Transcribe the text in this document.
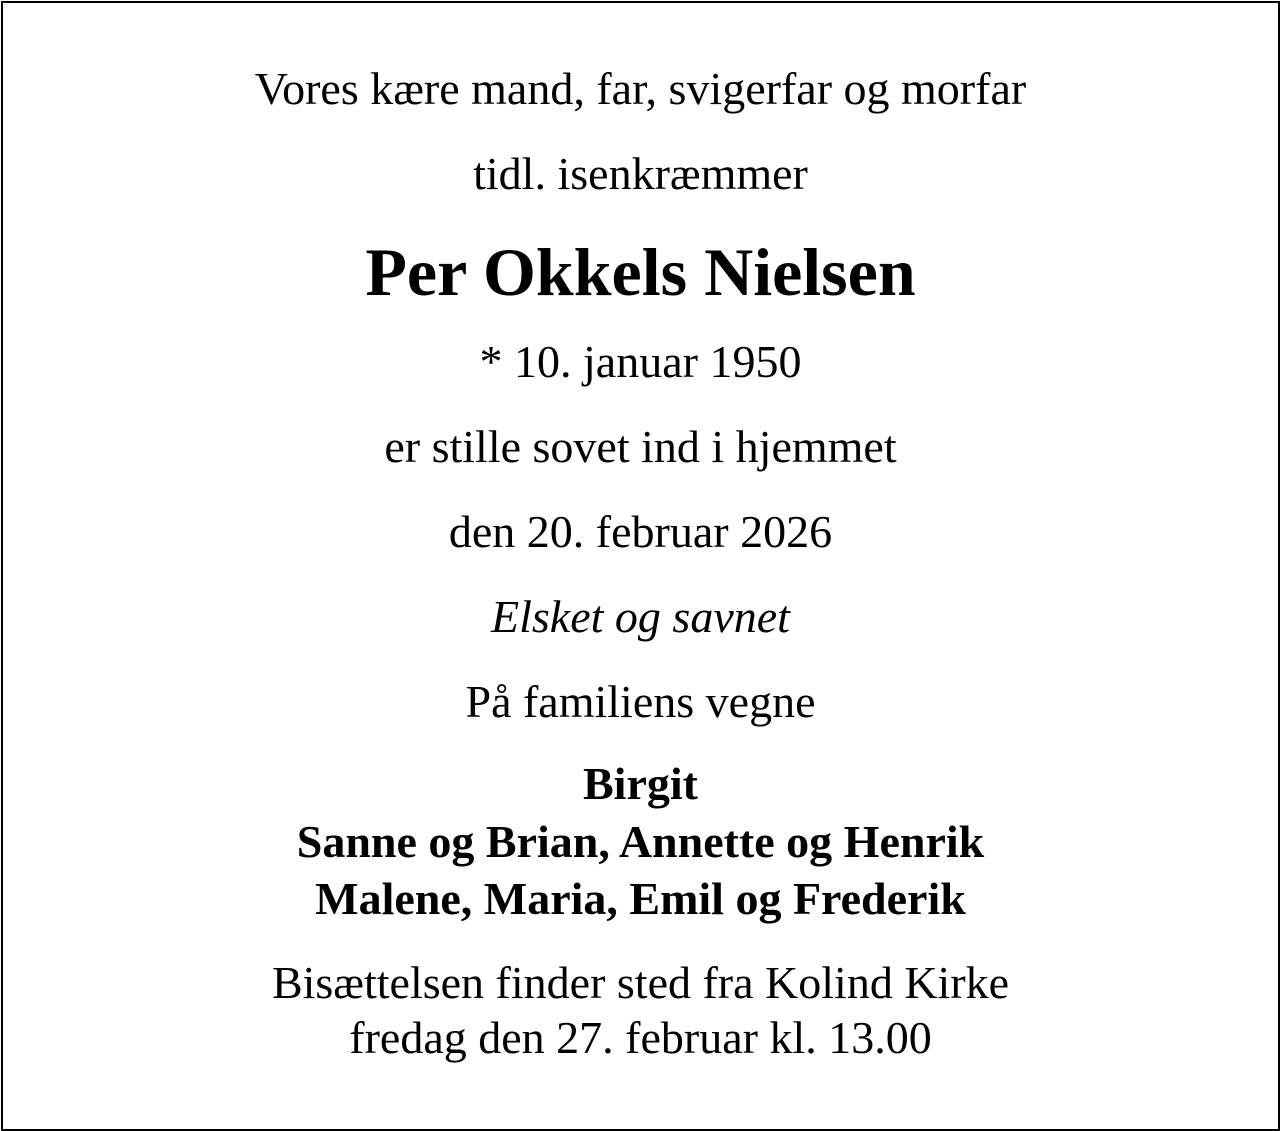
Vores kære mand, far, svigerfar og morfar
tidl. isenkræmmer
Per Okkels Nielsen
* 10. januar 1950
er stille sovet ind i hjemmet
den 20. februar 2026
Elsket og savnet
På familiens vegne
Birgit
Sanne og Brian, Annette og Henrik
Malene, Maria, Emil og Frederik
Bisættelsen finder sted fra Kolind Kirke
fredag den 27. februar kl. 13.00
